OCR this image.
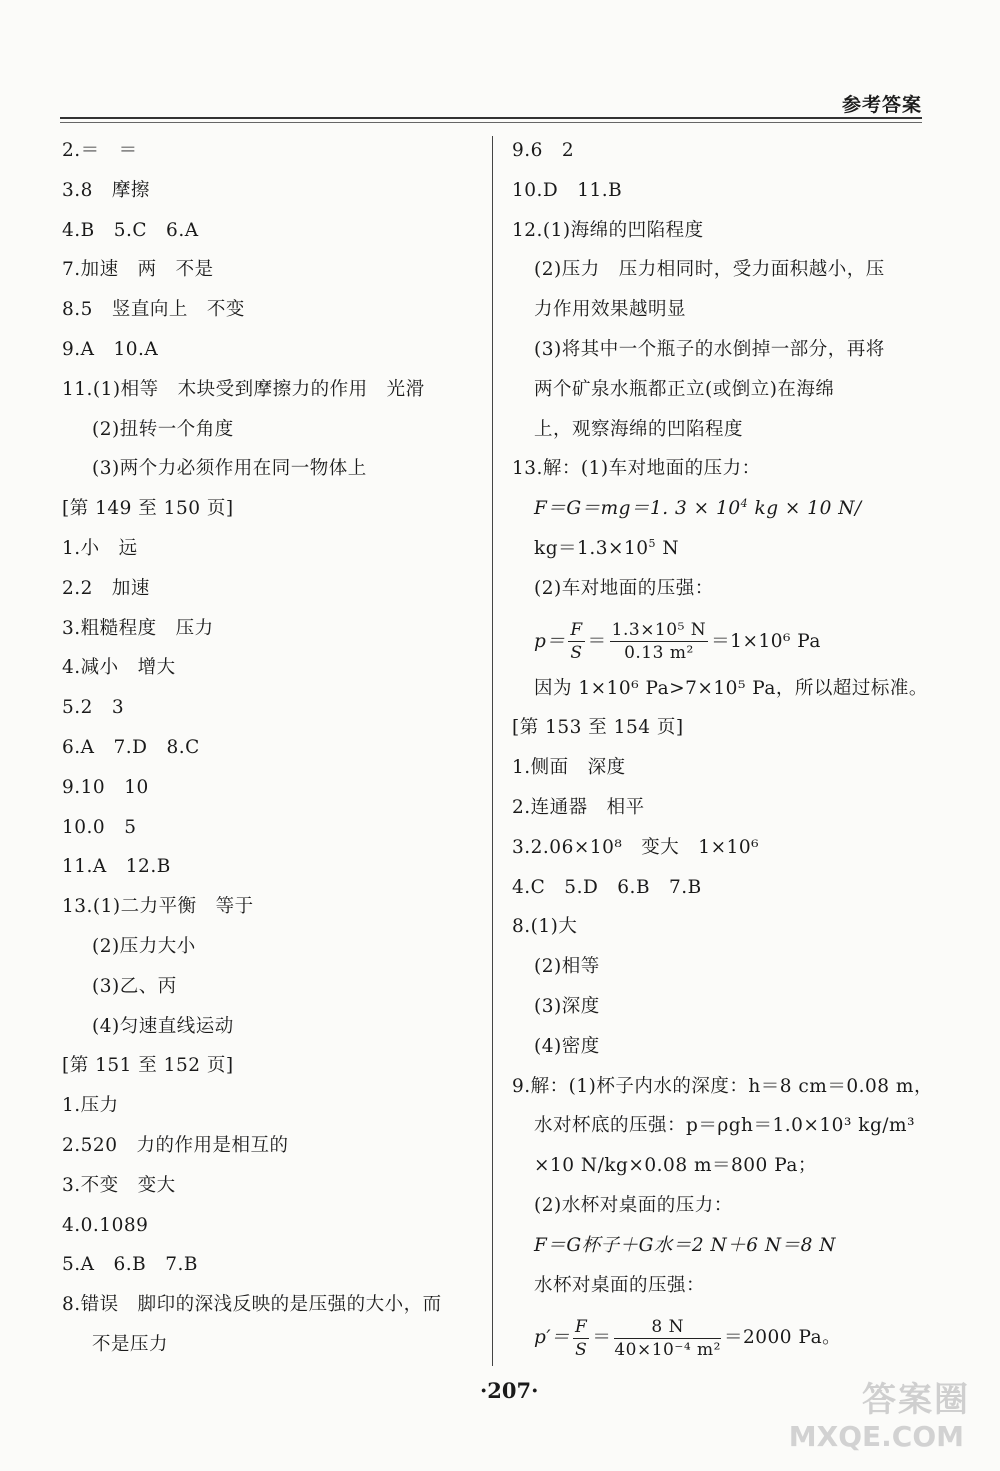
参考答案
2.＝　＝
3.8　摩擦
4.B　5.C　6.A
7.加速　两　不是
8.5　竖直向上　不变
9.A　10.A
11.(1)相等　木块受到摩擦力的作用　光滑
(2)扭转一个角度
(3)两个力必须作用在同一物体上
[第 149 至 150 页]
1.小　远
2.2　加速
3.粗糙程度　压力
4.减小　增大
5.2　3
6.A　7.D　8.C
9.10　10
10.0　5
11.A　12.B
13.(1)二力平衡　等于
(2)压力大小
(3)乙、丙
(4)匀速直线运动
[第 151 至 152 页]
1.压力
2.520　力的作用是相互的
3.不变　变大
4.0.1089
5.A　6.B　7.B
8.错误　脚印的深浅反映的是压强的大小，而
不是压力
9.6　2
10.D　11.B
12.(1)海绵的凹陷程度
(2)压力　压力相同时，受力面积越小，压
力作用效果越明显
(3)将其中一个瓶子的水倒掉一部分，再将
两个矿泉水瓶都正立(或倒立)在海绵
上，观察海绵的凹陷程度
13.解：(1)车对地面的压力：
F＝G＝mg＝1. $3 \times 10^4$ kg × 10 N/
$kg=1.3\times 10^5$ N
(2)车对地面的压强：
$p= \frac{F}{S} = \frac{\text{1.3×10⁵ N}}{\text{0.13 m²}} =1\times 10^6$ Pa
因为 1×10⁶ Pa>7×10⁵ Pa，所以超过标准。
[第 153 至 154 页]
1.侧面　深度
2.连通器　相平
3.2.06×10⁸　变大　1×10⁶
4.C　5.D　6.B　7.B
8.(1)大
(2)相等
(3)深度
(4)密度
9.解：(1)杯子内水的深度：h＝8 cm＝0.08 m，
水对杯底的压强：p＝ρgh＝1.0×10³ kg/m³
×10 N/kg×0.08 m＝800 Pa；
(2)水杯对桌面的压力：
F＝G杯子＋G水＝2 N＋6 N＝8 N
水杯对桌面的压强：
$p'= \frac{F}{S} = \frac{8 N}{\text{40×10⁻⁴ m²}} =2000$ Pa。
·207·	答案圈
MXQE.COM
